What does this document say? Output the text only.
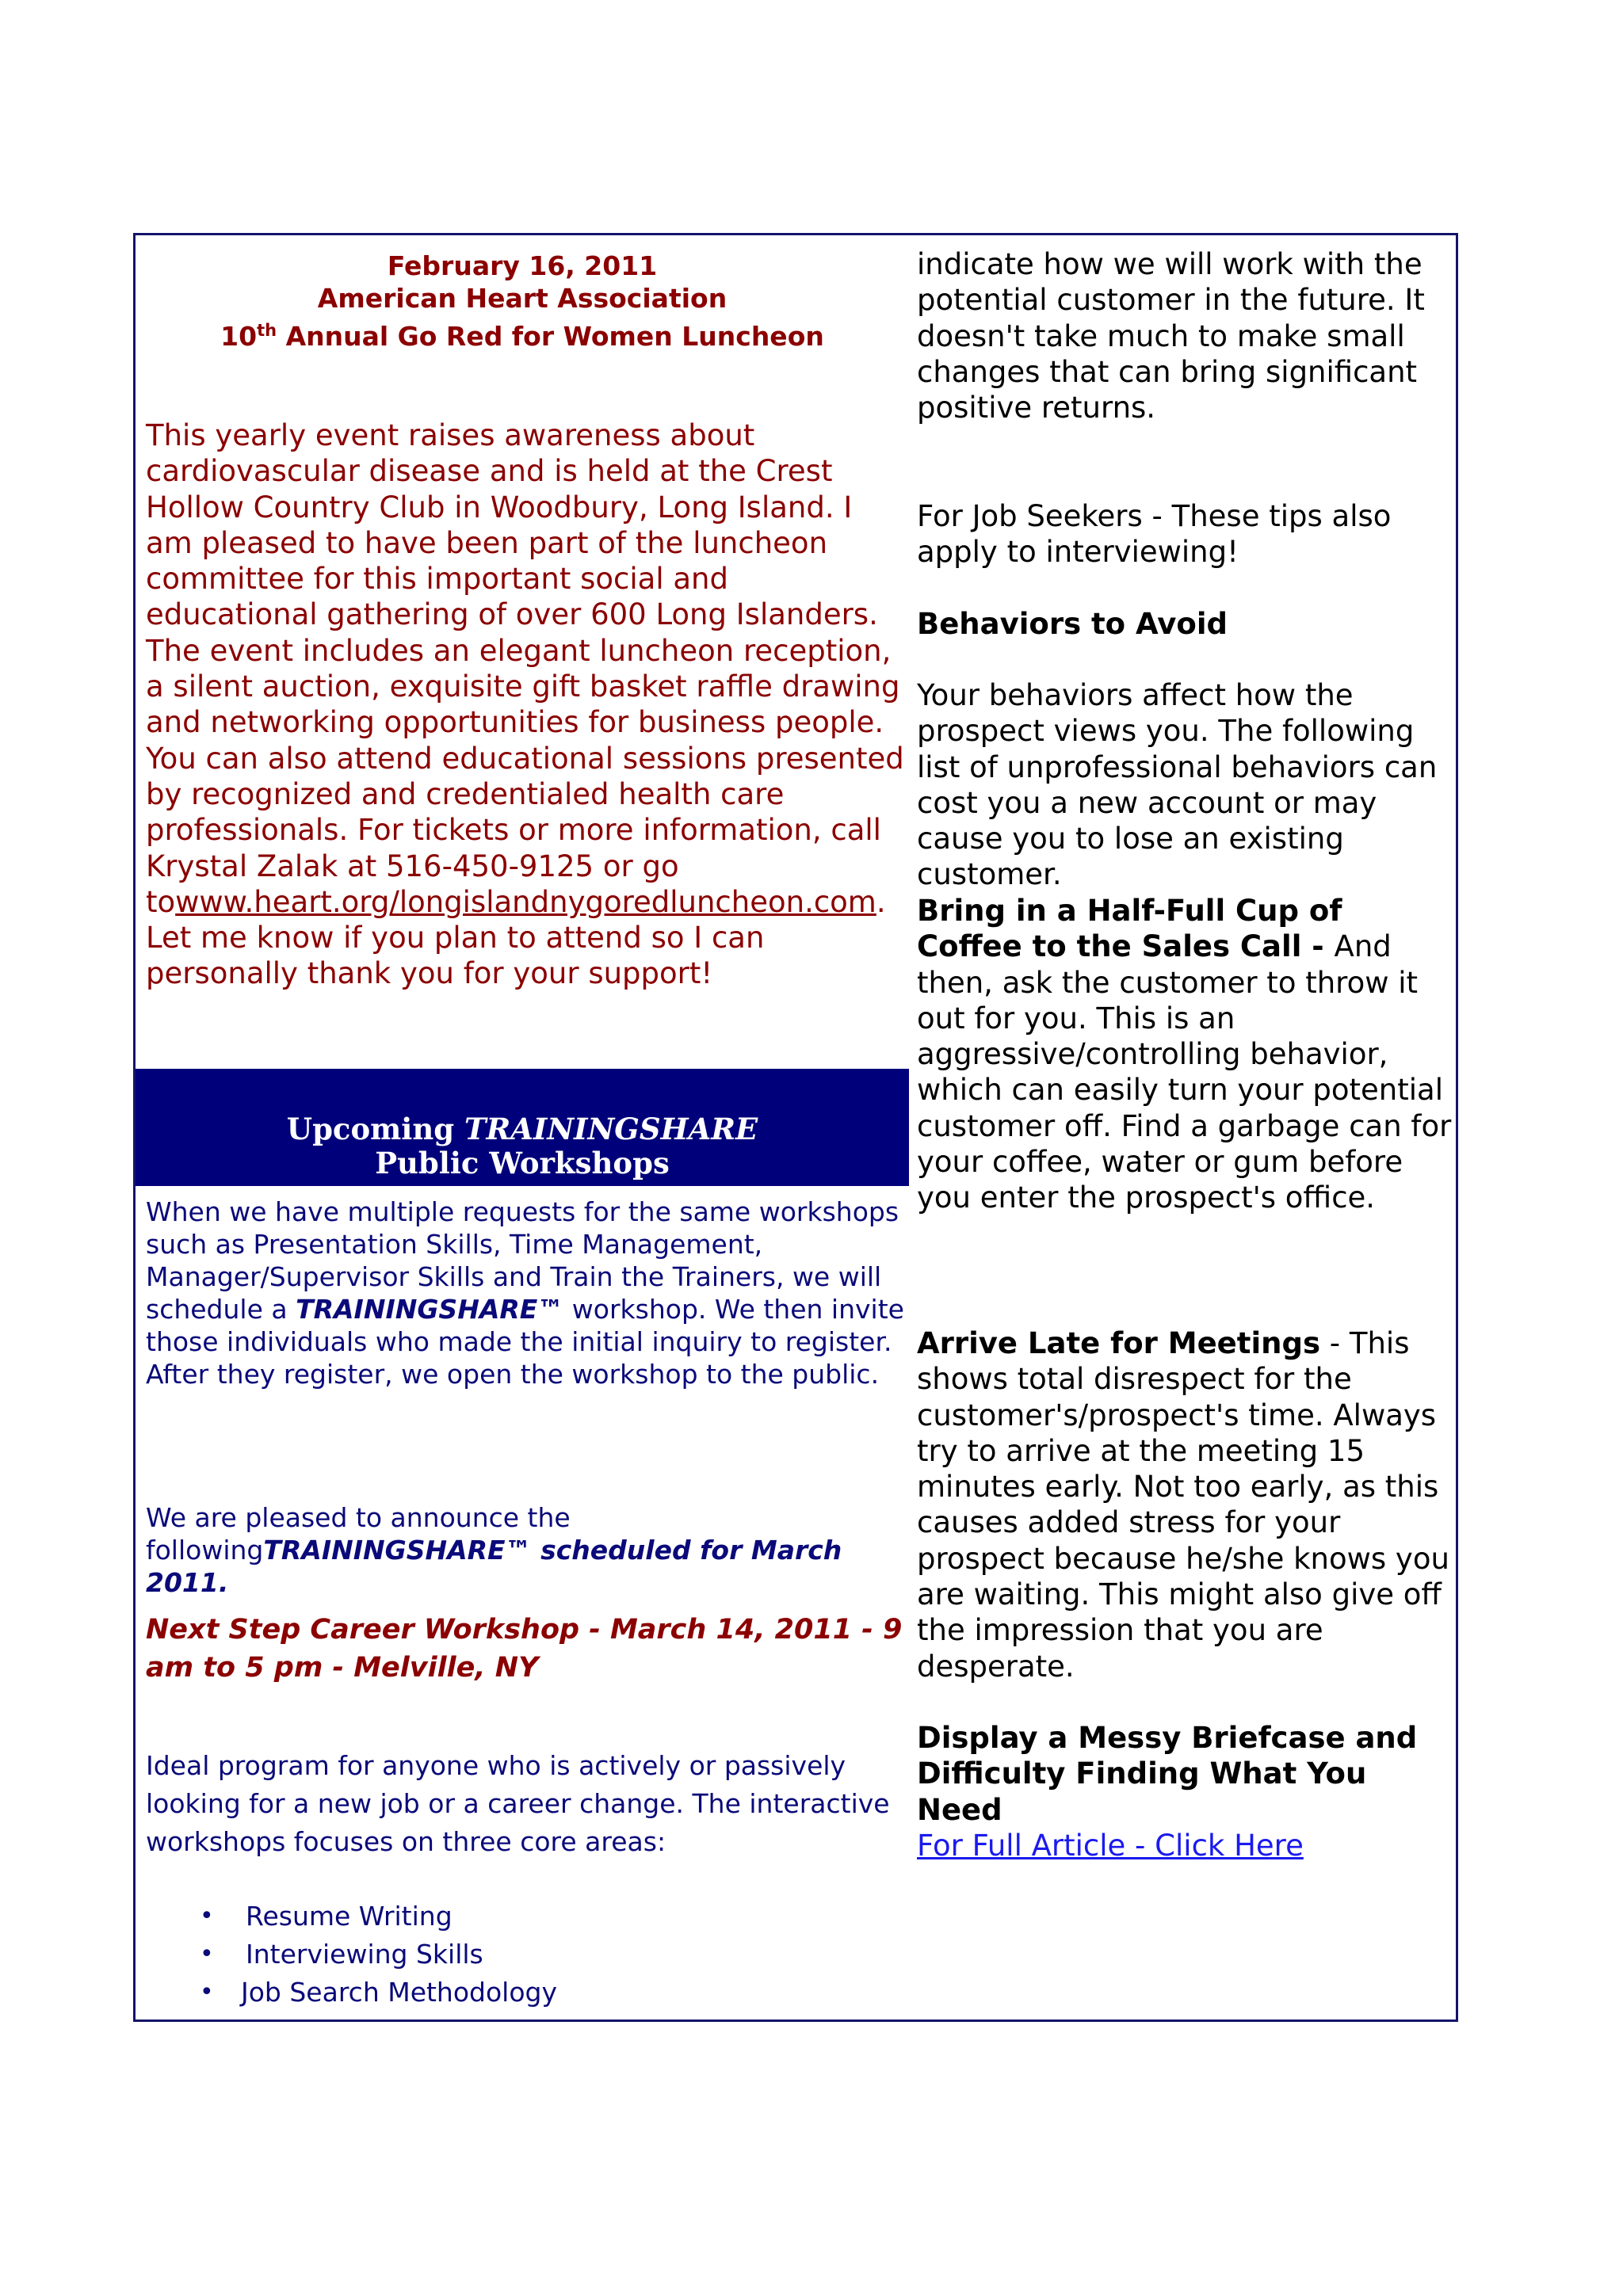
February 16, 2011
American Heart Association
10th Annual Go Red for Women Luncheon
This yearly event raises awareness about cardiovascular disease and is held at the Crest Hollow Country Club in Woodbury, Long Island. I am pleased to have been part of the luncheon committee for this important social and educational gathering of over 600 Long Islanders. The event includes an elegant luncheon reception, a silent auction, exquisite gift basket raffle drawing and networking opportunities for business people. You can also attend educational sessions presented by recognized and credentialed health care professionals. For tickets or more information, call Krystal Zalak at 516-450-9125 or go towww.heart.org/longislandnygoredluncheon.com. Let me know if you plan to attend so I can personally thank you for your support!
Upcoming TRAININGSHARE
Public Workshops
When we have multiple requests for the same workshops such as Presentation Skills, Time Management, Manager/Supervisor Skills and Train the Trainers, we will schedule a TRAININGSHARE™ workshop. We then invite those individuals who made the initial inquiry to register. After they register, we open the workshop to the public.
We are pleased to announce the followingTRAININGSHARE™ scheduled for March 2011.
Next Step Career Workshop - March 14, 2011 - 9 am to 5 pm - Melville, NY
Ideal program for anyone who is actively or passively looking for a new job or a career change. The interactive workshops focuses on three core areas:
• Resume Writing
• Interviewing Skills
• Job Search Methodology
indicate how we will work with the potential customer in the future. It doesn't take much to make small changes that can bring significant positive returns.
For Job Seekers - These tips also apply to interviewing!
Behaviors to Avoid
Your behaviors affect how the prospect views you. The following list of unprofessional behaviors can cost you a new account or may cause you to lose an existing customer.
Bring in a Half-Full Cup of Coffee to the Sales Call - And then, ask the customer to throw it out for you. This is an aggressive/controlling behavior, which can easily turn your potential customer off. Find a garbage can for your coffee, water or gum before you enter the prospect's office.
Arrive Late for Meetings - This shows total disrespect for the customer's/prospect's time. Always try to arrive at the meeting 15 minutes early. Not too early, as this causes added stress for your prospect because he/she knows you are waiting. This might also give off the impression that you are desperate.
Display a Messy Briefcase and Difficulty Finding What You Need
For Full Article - Click Here
